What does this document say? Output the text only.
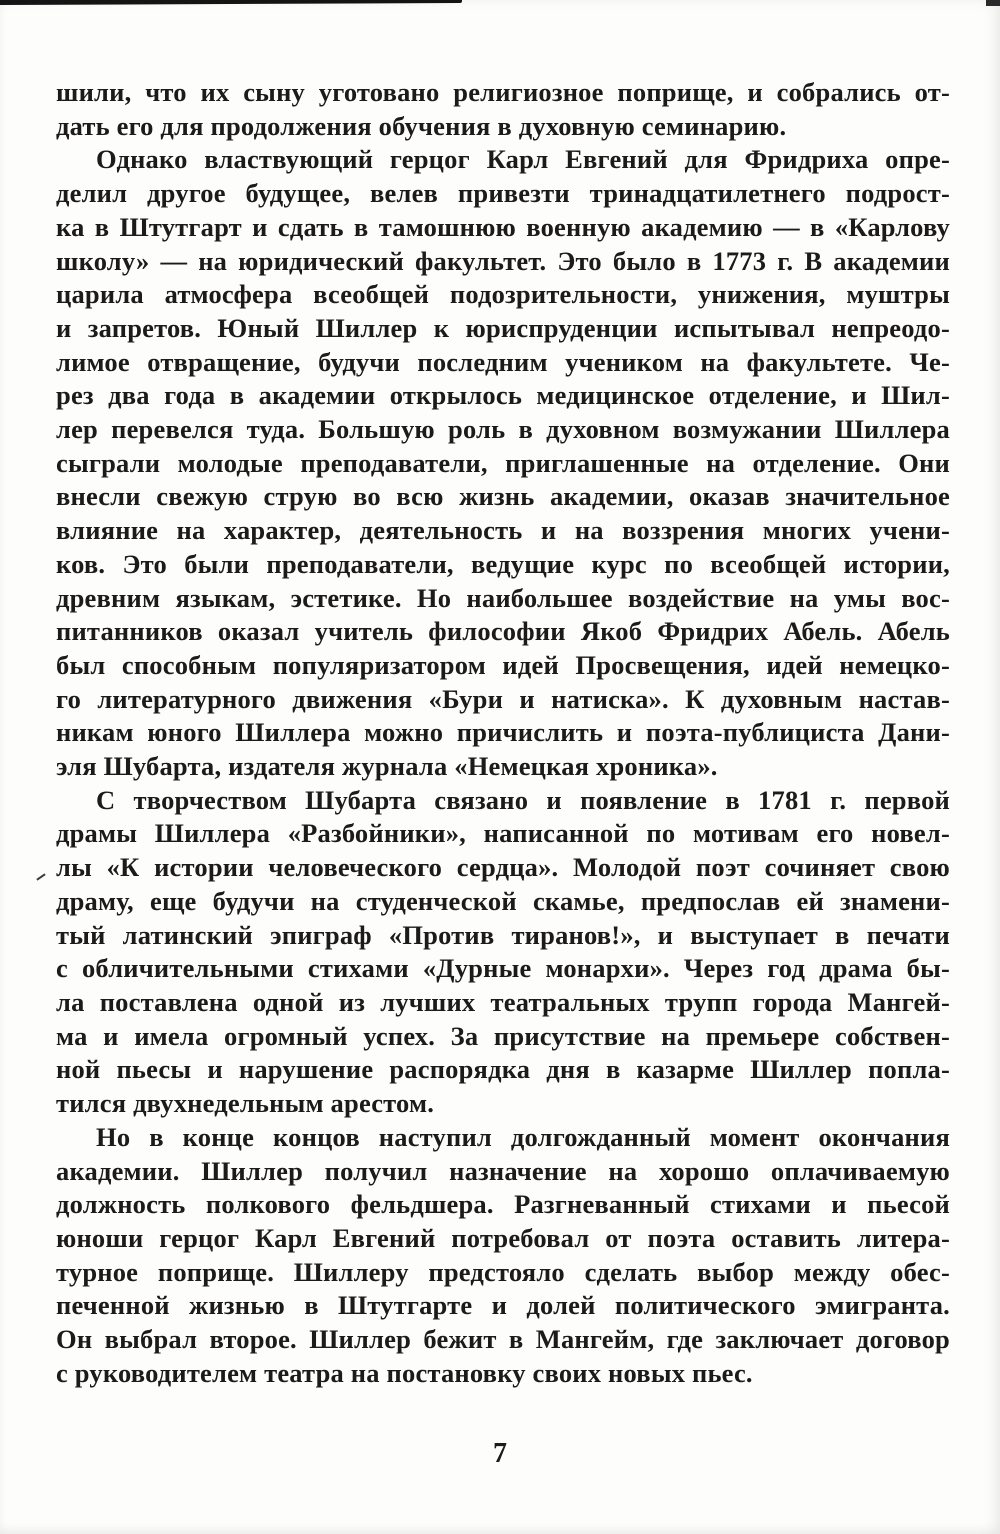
шили, что их сыну уготовано религиозное поприще, и собрались от-
дать его для продолжения обучения в духовную семинарию.

Однако властвующий герцог Карл Евгений для Фридриха опре-
делил другое будущее, велев привезти тринадцатилетнего подрост-
ка в Штутгарт и сдать в тамошнюю военную академию — в «Карлову
школу» — на юридический факультет. Это было в 1773 г. В академии
царила атмосфера всеобщей подозрительности, унижения, муштры
и запретов. Юный Шиллер к юриспруденции испытывал непреодо-
лимое отвращение, будучи последним учеником на факультете. Че-
рез два года в академии открылось медицинское отделение, и Шил-
лер перевелся туда. Большую роль в духовном возмужании Шиллера
сыграли молодые преподаватели, приглашенные на отделение. Они
внесли свежую струю во всю жизнь академии, оказав значительное
влияние на характер, деятельность и на воззрения многих учени-
ков. Это были преподаватели, ведущие курс по всеобщей истории,
древним языкам, эстетике. Но наибольшее воздействие на умы вос-
питанников оказал учитель философии Якоб Фридрих Абель. Абель
был способным популяризатором идей Просвещения, идей немецко-
го литературного движения «Бури и натиска». К духовным настав-
никам юного Шиллера можно причислить и поэта-публициста Дани-
эля Шубарта, издателя журнала «Немецкая хроника».

С творчеством Шубарта связано и появление в 1781 г. первой
драмы Шиллера «Разбойники», написанной по мотивам его новел-
лы «К истории человеческого сердца». Молодой поэт сочиняет свою
драму, еще будучи на студенческой скамье, предпослав ей знамени-
тый латинский эпиграф «Против тиранов!», и выступает в печати
с обличительными стихами «Дурные монархи». Через год драма бы-
ла поставлена одной из лучших театральных трупп города Мангей-
ма и имела огромный успех. За присутствие на премьере собствен-
ной пьесы и нарушение распорядка дня в казарме Шиллер попла-
тился двухнедельным арестом.

Но в конце концов наступил долгожданный момент окончания
академии. Шиллер получил назначение на хорошо оплачиваемую
должность полкового фельдшера. Разгневанный стихами и пьесой
юноши герцог Карл Евгений потребовал от поэта оставить литера-
турное поприще. Шиллеру предстояло сделать выбор между обес-
печенной жизнью в Штутгарте и долей политического эмигранта.
Он выбрал второе. Шиллер бежит в Мангейм, где заключает договор
с руководителем театра на постановку своих новых пьес.

7
